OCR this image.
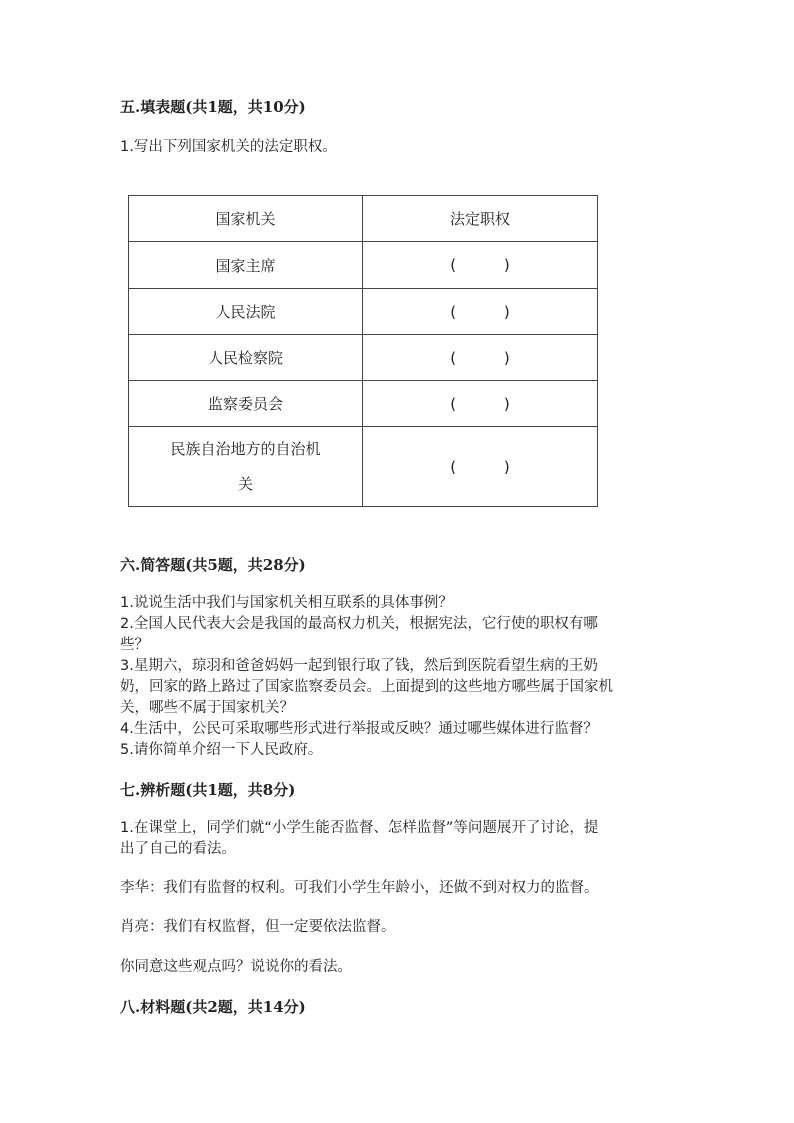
五.填表题(共1题，共10分)
1.写出下列国家机关的法定职权。
国家机关	法定职权
国家主席	(          )
人民法院	(          )
人民检察院	(          )
监察委员会	(          )

民族自治地方的自治机
关	(          )
六.简答题(共5题，共28分)
1.说说生活中我们与国家机关相互联系的具体事例？
2.全国人民代表大会是我国的最高权力机关，根据宪法，它行使的职权有哪
些？
3.星期六，琼羽和爸爸妈妈一起到银行取了钱，然后到医院看望生病的王奶
奶，回家的路上路过了国家监察委员会。上面提到的这些地方哪些属于国家机
关，哪些不属于国家机关？
4.生活中，公民可采取哪些形式进行举报或反映？通过哪些媒体进行监督？
5.请你简单介绍一下人民政府。
七.辨析题(共1题，共8分)
1.在课堂上，同学们就“小学生能否监督、怎样监督”等问题展开了讨论，提
出了自己的看法。
李华：我们有监督的权利。可我们小学生年龄小，还做不到对权力的监督。
肖亮：我们有权监督，但一定要依法监督。
你同意这些观点吗？说说你的看法。
八.材料题(共2题，共14分)
